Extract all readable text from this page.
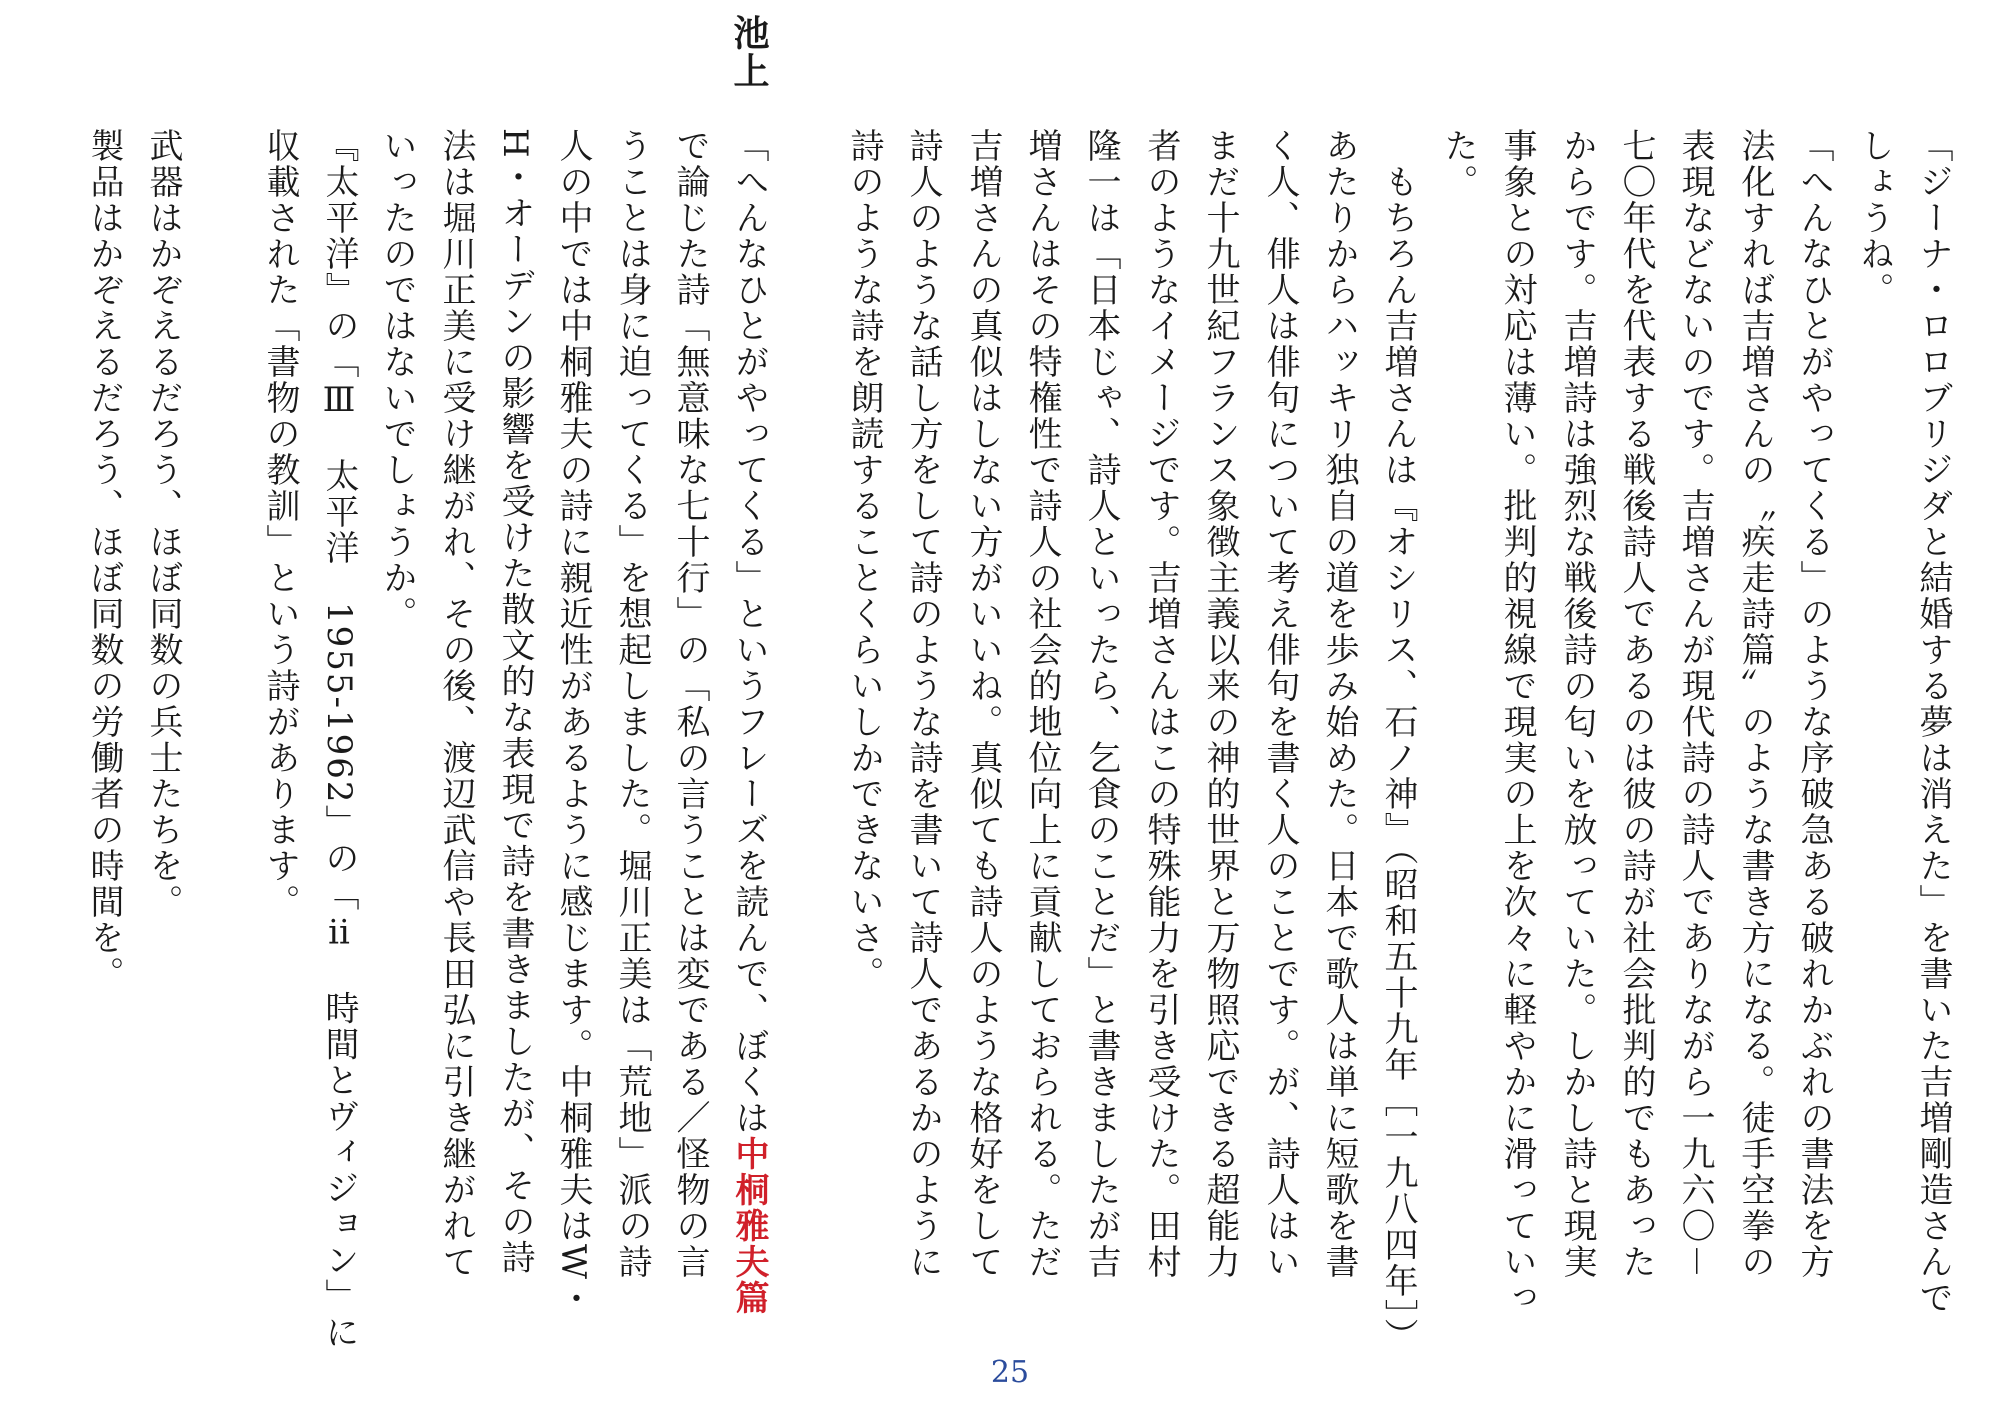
池上
「ジーナ・ロロブリジダと結婚する夢は消えた」を書いた吉増剛造さんで
しょうね。
「へんなひとがやってくる」のような序破急ある破れかぶれの書法を方
法化すれば吉増さんの〝疾走詩篇〟のような書き方になる。徒手空拳の
表現などないのです。吉増さんが現代詩の詩人でありながら一九六〇－
七〇年代を代表する戦後詩人であるのは彼の詩が社会批判的でもあった
からです。吉増詩は強烈な戦後詩の匂いを放っていた。しかし詩と現実
事象との対応は薄い。批判的視線で現実の上を次々に軽やかに滑っていっ
た。
　もちろん吉増さんは『オシリス、石ノ神』（昭和五十九年［一九八四年］）
あたりからハッキリ独自の道を歩み始めた。日本で歌人は単に短歌を書
く人、俳人は俳句について考え俳句を書く人のことです。が、詩人はい
まだ十九世紀フランス象徴主義以来の神的世界と万物照応できる超能力
者のようなイメージです。吉増さんはこの特殊能力を引き受けた。田村
隆一は「日本じゃ、詩人といったら、乞食のことだ」と書きましたが吉
増さんはその特権性で詩人の社会的地位向上に貢献しておられる。ただ
吉増さんの真似はしない方がいいね。真似ても詩人のような格好をして
詩人のような話し方をして詩のような詩を書いて詩人であるかのように
詩のような詩を朗読することくらいしかできないさ。
「へんなひとがやってくる」というフレーズを読んで、ぼくは中桐雅夫篇
で論じた詩「無意味な七十行」の「私の言うことは変である／怪物の言
うことは身に迫ってくる」を想起しました。堀川正美は「荒地」派の詩
人の中では中桐雅夫の詩に親近性があるように感じます。中桐雅夫はW・
H・オーデンの影響を受けた散文的な表現で詩を書きましたが、その詩
法は堀川正美に受け継がれ、その後、渡辺武信や長田弘に引き継がれて
いったのではないでしょうか。
『太平洋』の「Ⅲ　太平洋　1955-1962」の「ⅱ　時間とヴィジョン」に
収載された「書物の教訓」という詩があります。
武器はかぞえるだろう、ほぼ同数の兵士たちを。
製品はかぞえるだろう、ほぼ同数の労働者の時間を。
25
